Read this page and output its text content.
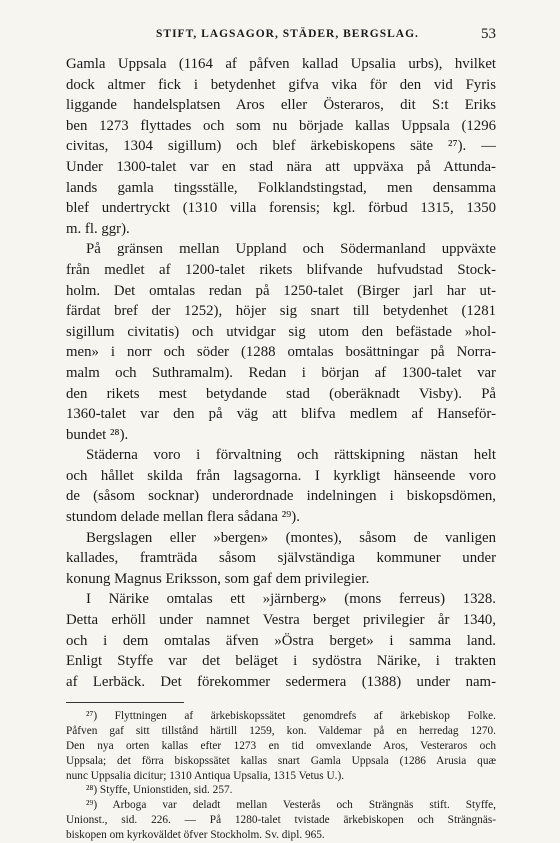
STIFT, LAGSAGOR, STÄDER, BERGSLAG.	53
Gamla Uppsala (1164 af påfven kallad Upsalia urbs), hvilket
dock altmer fick i betydenhet gifva vika för den vid Fyris
liggande handelsplatsen Aros eller Österaros, dit S:t Eriks
ben 1273 flyttades och som nu började kallas Uppsala (1296
civitas, 1304 sigillum) och blef ärkebiskopens säte ²⁷). —
Under 1300-talet var en stad nära att uppväxa på Attunda-
lands gamla tingsställe, Folklandstingstad, men densamma
blef undertryckt (1310 villa forensis; kgl. förbud 1315, 1350
m. fl. ggr).
På gränsen mellan Uppland och Södermanland uppväxte
från medlet af 1200-talet rikets blifvande hufvudstad Stock-
holm. Det omtalas redan på 1250-talet (Birger jarl har ut-
färdat bref der 1252), höjer sig snart till betydenhet (1281
sigillum civitatis) och utvidgar sig utom den befästade »hol-
men» i norr och söder (1288 omtalas bosättningar på Norra-
malm och Suthramalm). Redan i början af 1300-talet var
den rikets mest betydande stad (oberäknadt Visby). På
1360-talet var den på väg att blifva medlem af Hanseför-
bundet ²⁸).
Städerna voro i förvaltning och rättskipning nästan helt
och hållet skilda från lagsagorna. I kyrkligt hänseende voro
de (såsom socknar) underordnade indelningen i biskopsdömen,
stundom delade mellan flera sådana ²⁹).
Bergslagen eller »bergen» (montes), såsom de vanligen
kallades, framträda såsom självständiga kommuner under
konung Magnus Eriksson, som gaf dem privilegier.
I Närike omtalas ett »järnberg» (mons ferreus) 1328.
Detta erhöll under namnet Vestra berget privilegier år 1340,
och i dem omtalas äfven »Östra berget» i samma land.
Enligt Styffe var det beläget i sydöstra Närike, i trakten
af Lerbäck. Det förekommer sedermera (1388) under nam-
²⁷) Flyttningen af ärkebiskopssätet genomdrefs af ärkebiskop Folke.
Påfven gaf sitt tillstånd härtill 1259, kon. Valdemar på en herredag 1270.
Den nya orten kallas efter 1273 en tid omvexlande Aros, Vesteraros och
Uppsala; det förra biskopssätet kallas snart Gamla Uppsala (1286 Arusia quæ
nunc Uppsalia dicitur; 1310 Antiqua Upsalia, 1315 Vetus U.).
²⁸) Styffe, Unionstiden, sid. 257.
²⁹) Arboga var deladt mellan Vesterås och Strängnäs stift. Styffe,
Unionst., sid. 226. — På 1280-talet tvistade ärkebiskopen och Strängnäs-
biskopen om kyrkoväldet öfver Stockholm. Sv. dipl. 965.
